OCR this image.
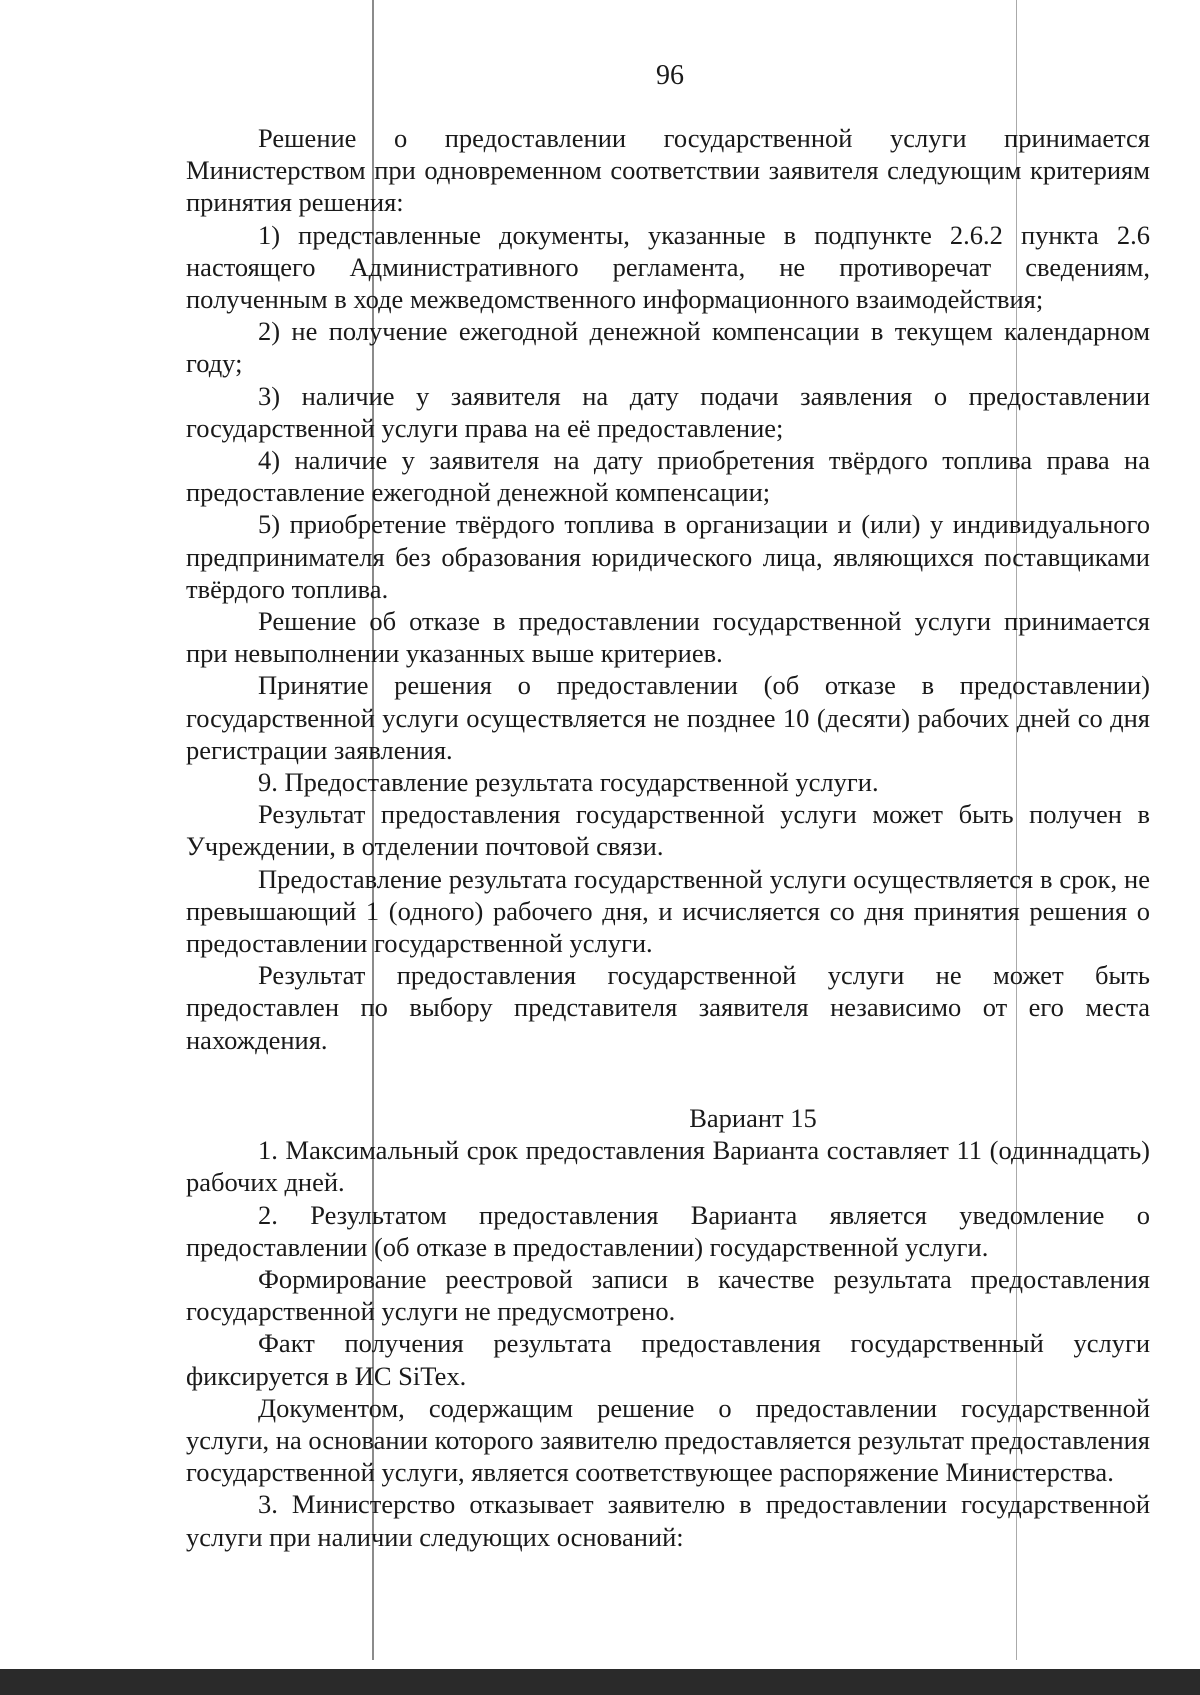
96

Решение о предоставлении государственной услуги принимается Министерством при одновременном соответствии заявителя следующим критериям принятия решения:

1) представленные документы, указанные в подпункте 2.6.2 пункта 2.6 настоящего Административного регламента, не противоречат сведениям, полученным в ходе межведомственного информационного взаимодействия;

2) не получение ежегодной денежной компенсации в текущем календарном году;

3) наличие у заявителя на дату подачи заявления о предоставлении государственной услуги права на её предоставление;

4) наличие у заявителя на дату приобретения твёрдого топлива права на предоставление ежегодной денежной компенсации;

5) приобретение твёрдого топлива в организации и (или) у индивидуального предпринимателя без образования юридического лица, являющихся поставщиками твёрдого топлива.

Решение об отказе в предоставлении государственной услуги принимается при невыполнении указанных выше критериев.

Принятие решения о предоставлении (об отказе в предоставлении) государственной услуги осуществляется не позднее 10 (десяти) рабочих дней со дня регистрации заявления.

9. Предоставление результата государственной услуги.

Результат предоставления государственной услуги может быть получен в Учреждении, в отделении почтовой связи.

Предоставление результата государственной услуги осуществляется в срок, не превышающий 1 (одного) рабочего дня, и исчисляется со дня принятия решения о предоставлении государственной услуги.

Результат предоставления государственной услуги не может быть предоставлен по выбору представителя заявителя независимо от его места нахождения.

Вариант 15

1. Максимальный срок предоставления Варианта составляет 11 (одиннадцать) рабочих дней.

2. Результатом предоставления Варианта является уведомление о предоставлении (об отказе в предоставлении) государственной услуги.

Формирование реестровой записи в качестве результата предоставления государственной услуги не предусмотрено.

Факт получения результата предоставления государственный услуги фиксируется в ИС SiTex.

Документом, содержащим решение о предоставлении государственной услуги, на основании которого заявителю предоставляется результат предоставления государственной услуги, является соответствующее распоряжение Министерства.

3. Министерство отказывает заявителю в предоставлении государственной услуги при наличии следующих оснований:
